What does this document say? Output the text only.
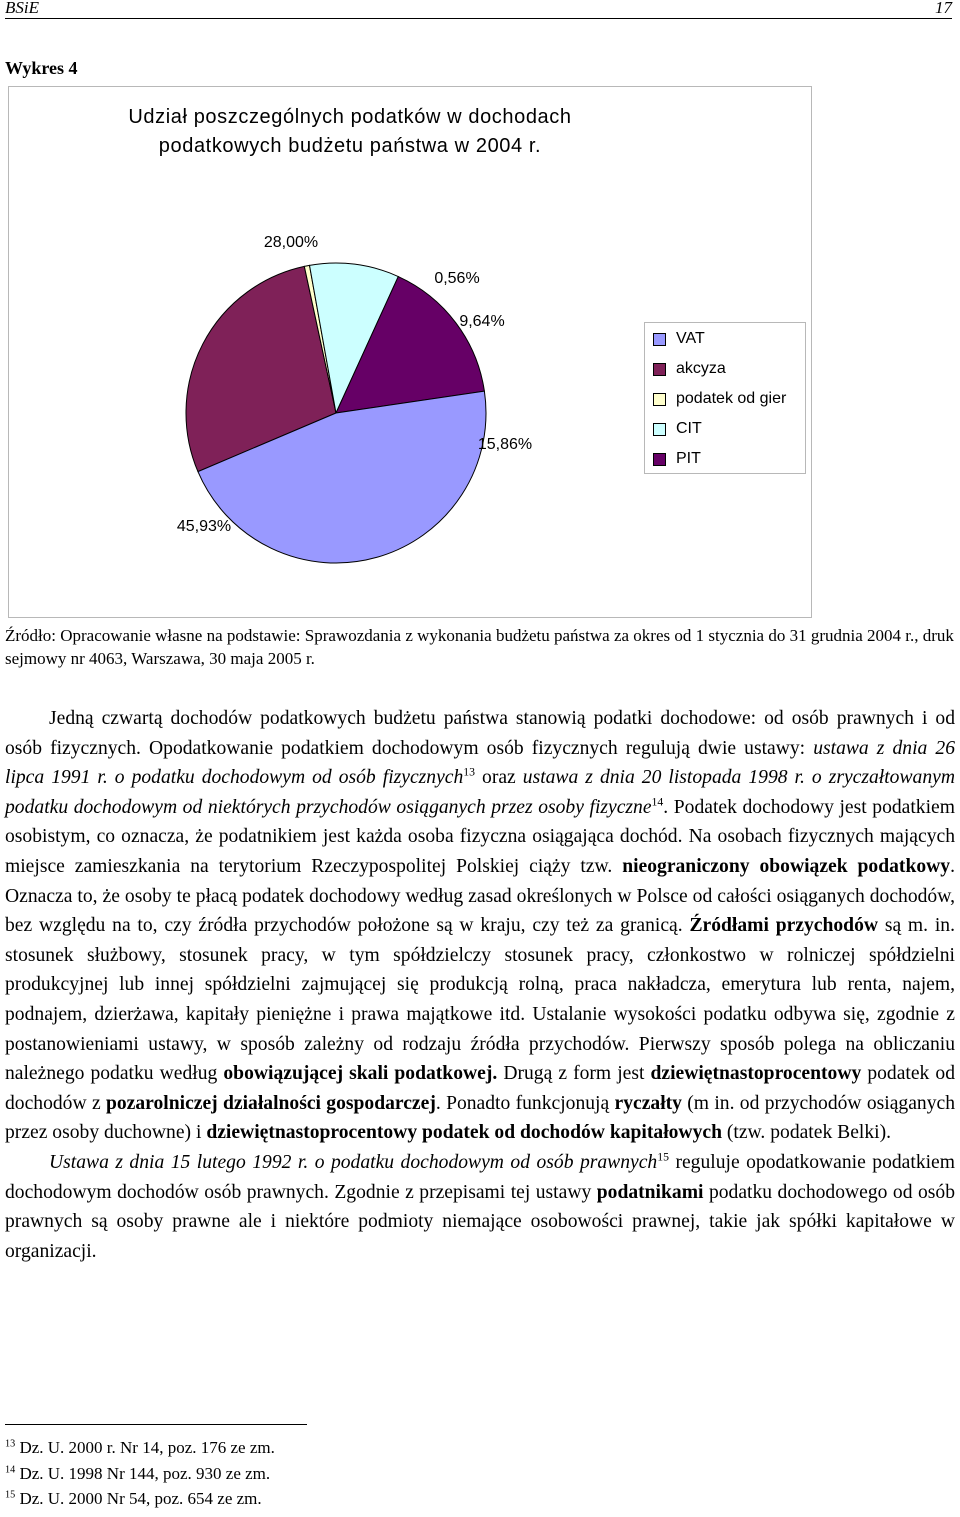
BSiE	17
Wykres 4
Udział poszczególnych podatków w dochodach
podatkowych budżetu państwa w 2004 r.
45,93%
28,00%
0,56%
9,64%
15,86%
VAT
akcyza
podatek od gier
CIT
PIT
Źródło: Opracowanie własne na podstawie: Sprawozdania z wykonania budżetu państwa za okres od 1 stycznia do 31 grudnia 2004 r., druk sejmowy nr 4063, Warszawa, 30 maja 2005 r.

Jedną czwartą dochodów podatkowych budżetu państwa stanowią podatki dochodowe: od osób prawnych i od osób fizycznych. Opodatkowanie podatkiem dochodowym osób fizycznych regulują dwie ustawy: ustawa z dnia 26 lipca 1991 r. o podatku dochodowym od osób fizycznych$^{13}$ oraz ustawa z dnia 20 listopada 1998 r. o zryczałtowanym podatku dochodowym od niektórych przychodów osiąganych przez osoby fizyczne$^{14}$. Podatek dochodowy jest podatkiem osobistym, co oznacza, że podatnikiem jest każda osoba fizyczna osiągająca dochód. Na osobach fizycznych mających miejsce zamieszkania na terytorium Rzeczypospolitej Polskiej ciąży tzw. nieograniczony obowiązek podatkowy. Oznacza to, że osoby te płacą podatek dochodowy według zasad określonych w Polsce od całości osiąganych dochodów, bez względu na to, czy źródła przychodów położone są w kraju, czy też za granicą. Źródłami przychodów są m. in. stosunek służbowy, stosunek pracy, w tym spółdzielczy stosunek pracy, członkostwo w rolniczej spółdzielni produkcyjnej lub innej spółdzielni zajmującej się produkcją rolną, praca nakładcza, emerytura lub renta, najem, podnajem, dzierżawa, kapitały pieniężne i prawa majątkowe itd. Ustalanie wysokości podatku odbywa się, zgodnie z postanowieniami ustawy, w sposób zależny od rodzaju źródła przychodów. Pierwszy sposób polega na obliczaniu należnego podatku według obowiązującej skali podatkowej. Drugą z form jest dziewiętnastoprocentowy podatek od dochodów z pozarolniczej działalności gospodarczej. Ponadto funkcjonują ryczałty (m in. od przychodów osiąganych przez osoby duchowne) i dziewiętnastoprocentowy podatek od dochodów kapitałowych (tzw. podatek Belki).

Ustawa z dnia 15 lutego 1992 r. o podatku dochodowym od osób prawnych$^{15}$ reguluje opodatkowanie podatkiem dochodowym dochodów osób prawnych. Zgodnie z przepisami tej ustawy podatnikami podatku dochodowego od osób prawnych są osoby prawne ale i niektóre podmioty niemające osobowości prawnej, takie jak spółki kapitałowe w organizacji.

$^{13}$ Dz. U. 2000 r. Nr 14, poz. 176 ze zm.
$^{14}$ Dz. U. 1998 Nr 144, poz. 930 ze zm.
$^{15}$ Dz. U. 2000 Nr 54, poz. 654 ze zm.
